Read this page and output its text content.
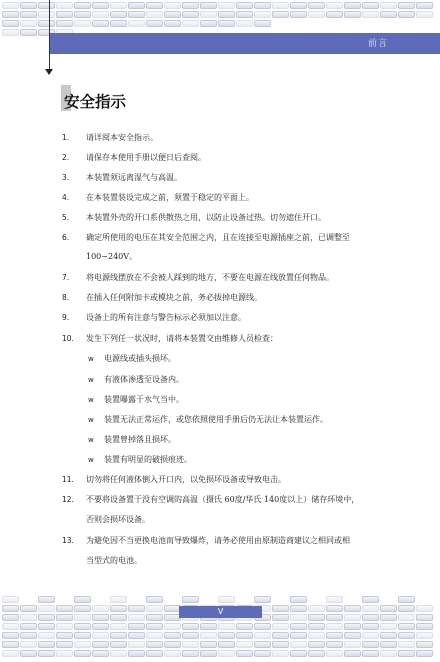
前言
安全指示
1. 请详阅本安全指示。
2. 请保存本使用手册以便日后查阅。
3. 本装置须远离湿气与高温。
4. 在本装置装设完成之前，须置于稳定的平面上。
5. 本装置外壳的开口系供散热之用，以防止设备过热。切勿遮住开口。
6. 确定所使用的电压在其安全范围之内，且在连接至电源插座之前，已调整至
100~240V。
7. 将电源线摆放在不会被人踩到的地方，不要在电源在线放置任何物品。
8. 在插入任何附加卡或模块之前，务必拔掉电源线。
9. 设备上的所有注意与警告标示必须加以注意。
10. 发生下列任一状况时，请将本装置交由维修人员检查：
w 电源线或插头损坏。
w 有液体渗透至设备内。
w 装置曝露于水气当中。
w 装置无法正常运作，或您依照使用手册后仍无法让本装置运作。
w 装置曾掉落且损坏。
w 装置有明显的破损痕迹。
11. 切勿将任何液体倒入开口内，以免损坏设备或导致电击。
12. 不要将设备置于没有空调的高温（摄氏 60度/华氏 140度以上）储存环境中，
否则会损坏设备。
13. 为避免因不当更换电池而导致爆炸，请务必使用由原制造商建议之相同或相
当型式的电池。
V
